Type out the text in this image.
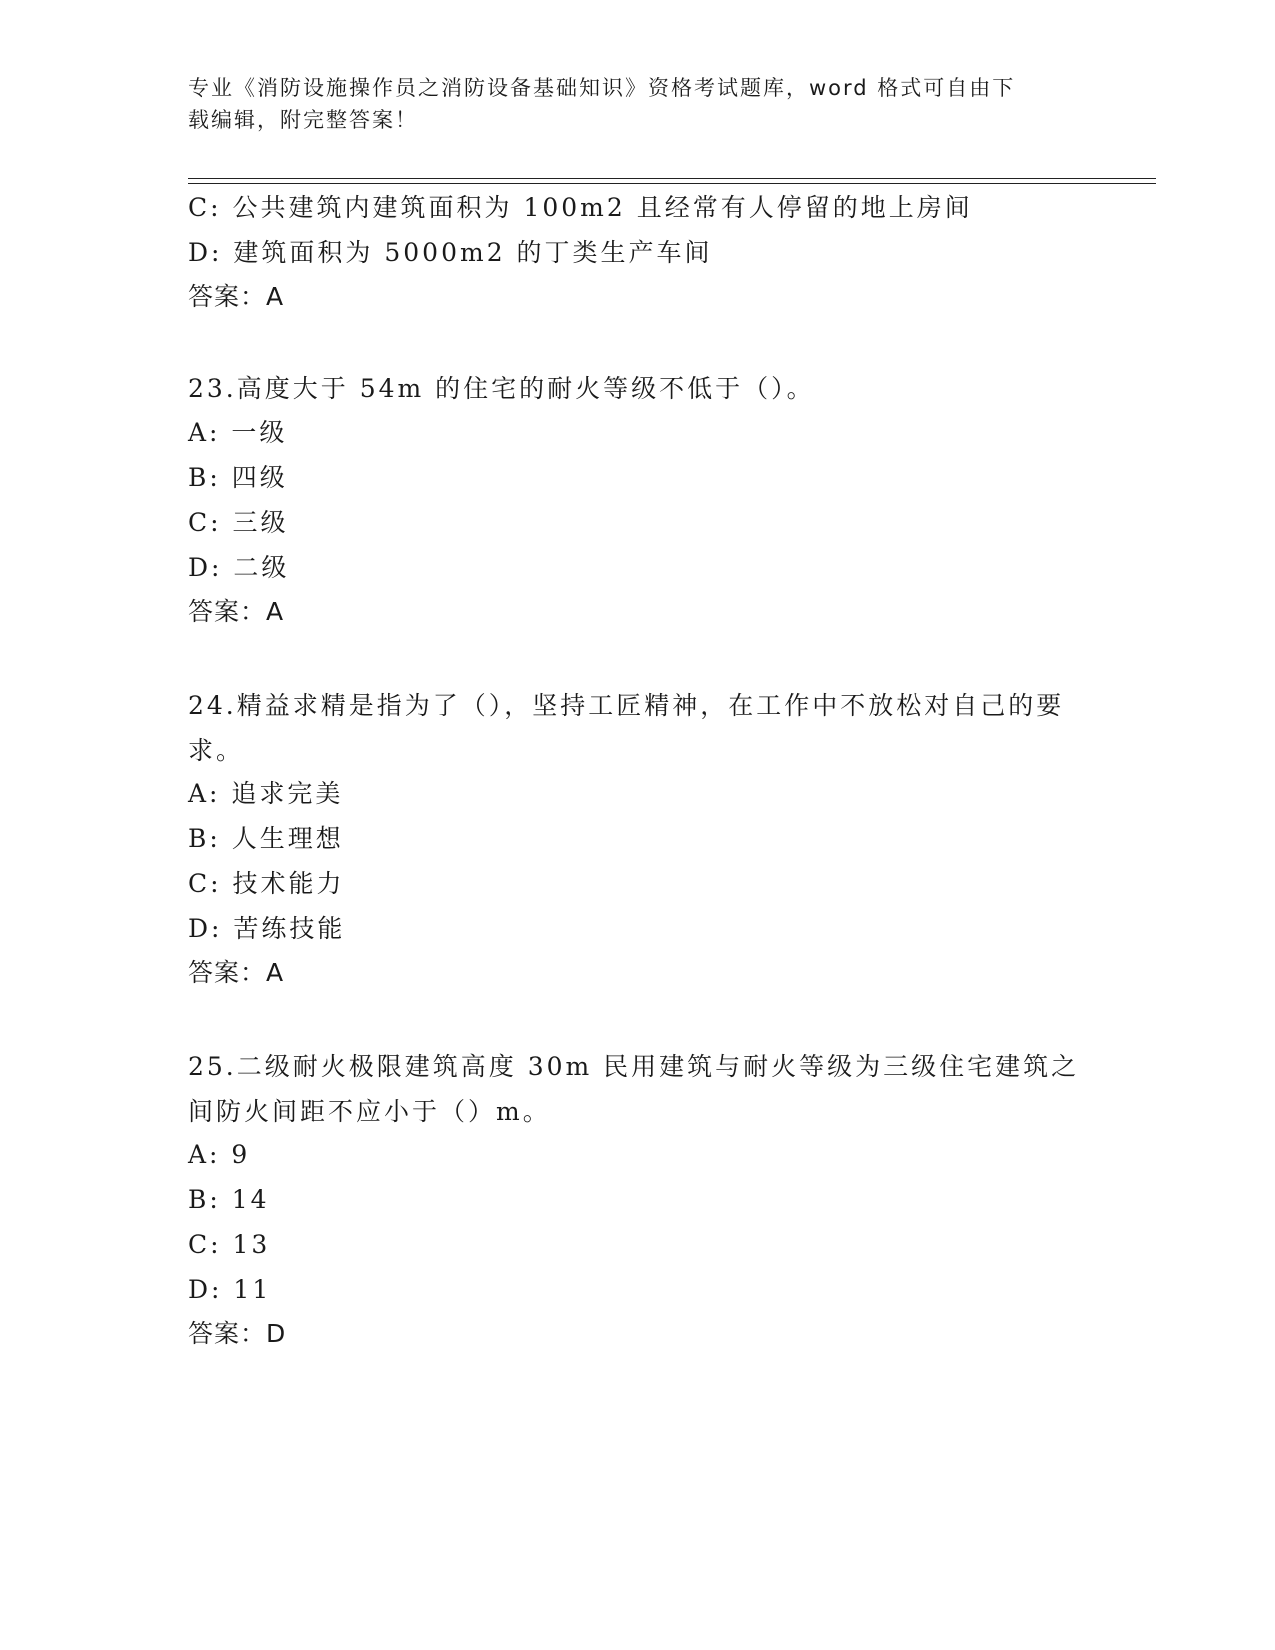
专业《消防设施操作员之消防设备基础知识》资格考试题库，word 格式可自由下
载编辑，附完整答案！
C: 公共建筑内建筑面积为 100m2 且经常有人停留的地上房间
D: 建筑面积为 5000m2 的丁类生产车间
答案：A
23.高度大于 54m 的住宅的耐火等级不低于（）。
A: 一级
B: 四级
C: 三级
D: 二级
答案：A
24.精益求精是指为了（），坚持工匠精神，在工作中不放松对自己的要求。
A: 追求完美
B: 人生理想
C: 技术能力
D: 苦练技能
答案：A
25.二级耐火极限建筑高度 30m 民用建筑与耐火等级为三级住宅建筑之间防火间距不应小于（）m。
A: 9
B: 14
C: 13
D: 11
答案：D
